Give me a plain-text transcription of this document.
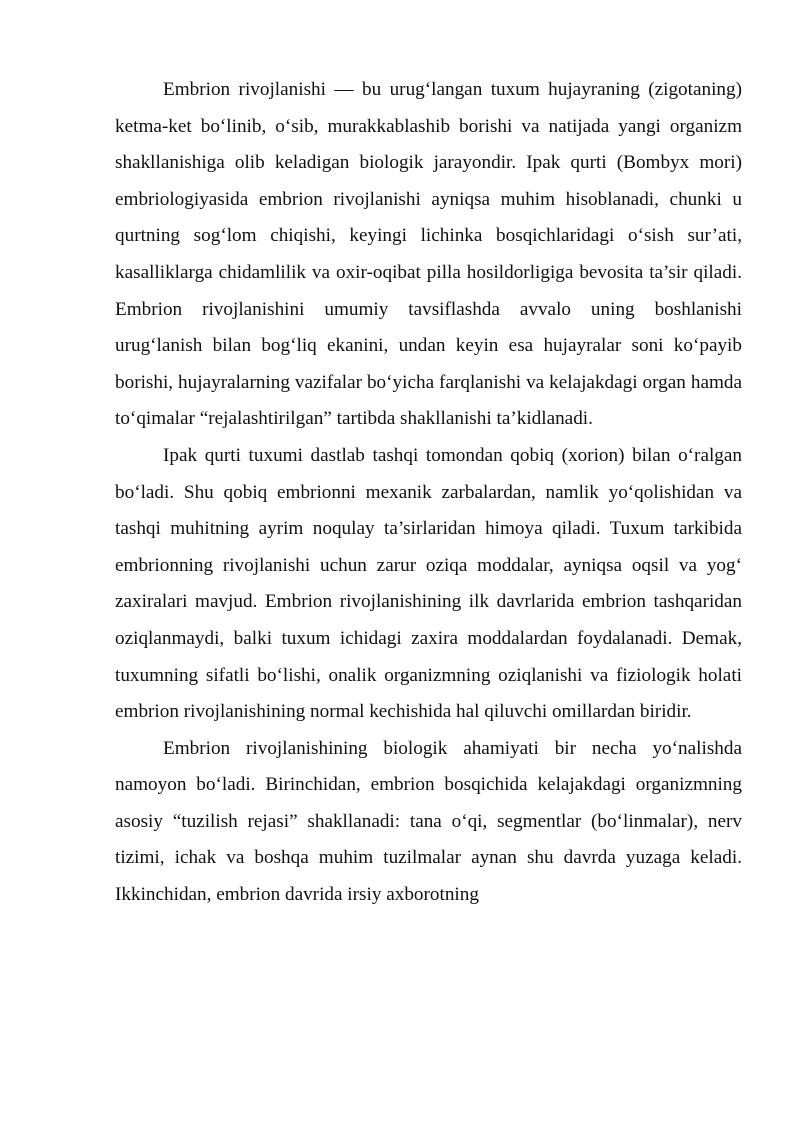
Embrion rivojlanishi — bu urug‘langan tuxum hujayraning (zigotaning) ketma-ket bo‘linib, o‘sib, murakkablashib borishi va natijada yangi organizm shakllanishiga olib keladigan biologik jarayondir. Ipak qurti (Bombyx mori) embriologiyasida embrion rivojlanishi ayniqsa muhim hisoblanadi, chunki u qurtning sog‘lom chiqishi, keyingi lichinka bosqichlaridagi o‘sish sur’ati, kasalliklarga chidamlilik va oxir-oqibat pilla hosildorligiga bevosita ta’sir qiladi. Embrion rivojlanishini umumiy tavsiflashda avvalo uning boshlanishi urug‘lanish bilan bog‘liq ekanini, undan keyin esa hujayralar soni ko‘payib borishi, hujayralarning vazifalar bo‘yicha farqlanishi va kelajakdagi organ hamda to‘qimalar “rejalashtirilgan” tartibda shakllanishi ta’kidlanadi.

Ipak qurti tuxumi dastlab tashqi tomondan qobiq (xorion) bilan o‘ralgan bo‘ladi. Shu qobiq embrionni mexanik zarbalardan, namlik yo‘qolishidan va tashqi muhitning ayrim noqulay ta’sirlaridan himoya qiladi. Tuxum tarkibida embrionning rivojlanishi uchun zarur oziqa moddalar, ayniqsa oqsil va yog‘ zaxiralari mavjud. Embrion rivojlanishining ilk davrlarida embrion tashqaridan oziqlanmaydi, balki tuxum ichidagi zaxira moddalardan foydalanadi. Demak, tuxumning sifatli bo‘lishi, onalik organizmning oziqlanishi va fiziologik holati embrion rivojlanishining normal kechishida hal qiluvchi omillardan biridir.

Embrion rivojlanishining biologik ahamiyati bir necha yo‘nalishda namoyon bo‘ladi. Birinchidan, embrion bosqichida kelajakdagi organizmning asosiy “tuzilish rejasi” shakllanadi: tana o‘qi, segmentlar (bo‘linmalar), nerv tizimi, ichak va boshqa muhim tuzilmalar aynan shu davrda yuzaga keladi. Ikkinchidan, embrion davrida irsiy axborotning
